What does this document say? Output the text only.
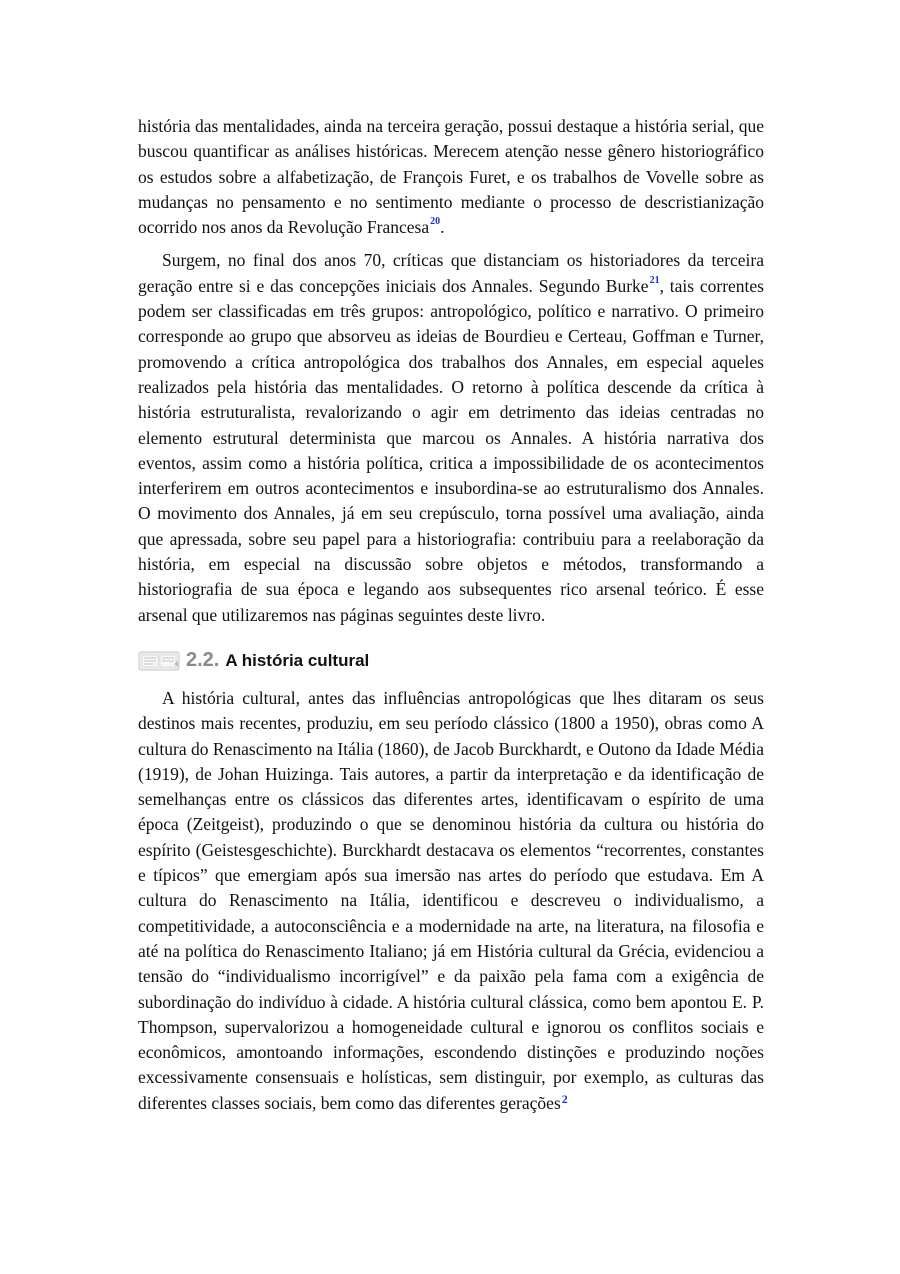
história das mentalidades, ainda na terceira geração, possui destaque a história serial, que buscou quantificar as análises históricas. Merecem atenção nesse gênero historiográfico os estudos sobre a alfabetização, de François Furet, e os trabalhos de Vovelle sobre as mudanças no pensamento e no sentimento mediante o processo de descristianização ocorrido nos anos da Revolução Francesa$^{20}$.

Surgem, no final dos anos 70, críticas que distanciam os historiadores da terceira geração entre si e das concepções iniciais dos Annales. Segundo Burke$^{21}$, tais correntes podem ser classificadas em três grupos: antropológico, político e narrativo. O primeiro corresponde ao grupo que absorveu as ideias de Bourdieu e Certeau, Goffman e Turner, promovendo a crítica antropológica dos trabalhos dos Annales, em especial aqueles realizados pela história das mentalidades. O retorno à política descende da crítica à história estruturalista, revalorizando o agir em detrimento das ideias centradas no elemento estrutural determinista que marcou os Annales. A história narrativa dos eventos, assim como a história política, critica a impossibilidade de os acontecimentos interferirem em outros acontecimentos e insubordina-se ao estruturalismo dos Annales. O movimento dos Annales, já em seu crepúsculo, torna possível uma avaliação, ainda que apressada, sobre seu papel para a historiografia: contribuiu para a reelaboração da história, em especial na discussão sobre objetos e métodos, transformando a historiografia de sua época e legando aos subsequentes rico arsenal teórico. É esse arsenal que utilizaremos nas páginas seguintes deste livro.

2.2. A história cultural

A história cultural, antes das influências antropológicas que lhes ditaram os seus destinos mais recentes, produziu, em seu período clássico (1800 a 1950), obras como A cultura do Renascimento na Itália (1860), de Jacob Burckhardt, e Outono da Idade Média (1919), de Johan Huizinga. Tais autores, a partir da interpretação e da identificação de semelhanças entre os clássicos das diferentes artes, identificavam o espírito de uma época (Zeitgeist), produzindo o que se denominou história da cultura ou história do espírito (Geistesgeschichte). Burckhardt destacava os elementos “recorrentes, constantes e típicos” que emergiam após sua imersão nas artes do período que estudava. Em A cultura do Renascimento na Itália, identificou e descreveu o individualismo, a competitividade, a autoconsciência e a modernidade na arte, na literatura, na filosofia e até na política do Renascimento Italiano; já em História cultural da Grécia, evidenciou a tensão do “individualismo incorrigível” e da paixão pela fama com a exigência de subordinação do indivíduo à cidade. A história cultural clássica, como bem apontou E. P. Thompson, supervalorizou a homogeneidade cultural e ignorou os conflitos sociais e econômicos, amontoando informações, escondendo distinções e produzindo noções excessivamente consensuais e holísticas, sem distinguir, por exemplo, as culturas das diferentes classes sociais, bem como das diferentes gerações$^2$
